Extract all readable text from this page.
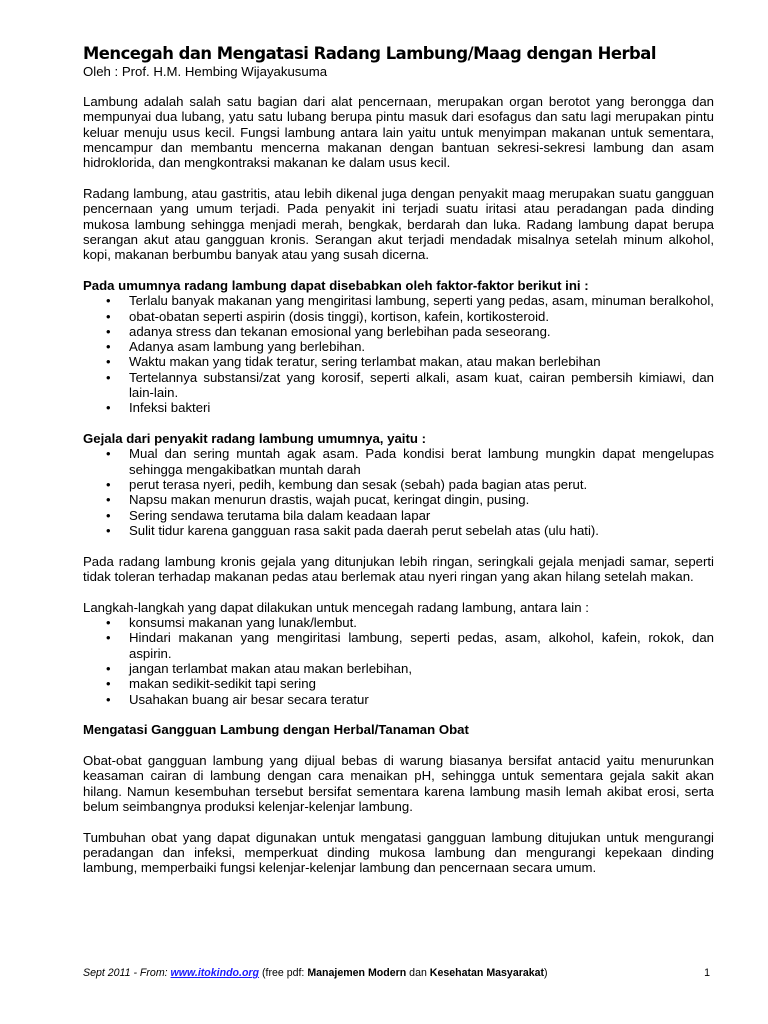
Mencegah dan Mengatasi Radang Lambung/Maag dengan Herbal
Oleh : Prof. H.M. Hembing Wijayakusuma

Lambung adalah salah satu bagian dari alat pencernaan, merupakan organ berotot yang berongga dan mempunyai dua lubang, yatu satu lubang berupa pintu masuk dari esofagus dan satu lagi merupakan pintu keluar menuju usus kecil. Fungsi lambung antara lain yaitu untuk menyimpan makanan untuk sementara, mencampur dan membantu mencerna makanan dengan bantuan sekresi-sekresi lambung dan asam hidroklorida, dan mengkontraksi makanan ke dalam usus kecil.

Radang lambung, atau gastritis, atau lebih dikenal juga dengan penyakit maag merupakan suatu gangguan pencernaan yang umum terjadi. Pada penyakit ini terjadi suatu iritasi atau peradangan pada dinding mukosa lambung sehingga menjadi merah, bengkak, berdarah dan luka. Radang lambung dapat berupa serangan akut atau gangguan kronis. Serangan akut terjadi mendadak misalnya setelah minum alkohol, kopi, makanan berbumbu banyak atau yang susah dicerna.

Pada umumnya radang lambung dapat disebabkan oleh faktor-faktor berikut ini :
• Terlalu banyak makanan yang mengiritasi lambung, seperti yang pedas, asam, minuman beralkohol,
• obat-obatan seperti aspirin (dosis tinggi), kortison, kafein, kortikosteroid.
• adanya stress dan tekanan emosional yang berlebihan pada seseorang.
• Adanya asam lambung yang berlebihan.
• Waktu makan yang tidak teratur, sering terlambat makan, atau makan berlebihan
• Tertelannya substansi/zat yang korosif, seperti alkali, asam kuat, cairan pembersih kimiawi, dan lain-lain.
• Infeksi bakteri
Gejala dari penyakit radang lambung umumnya, yaitu :
• Mual dan sering muntah agak asam. Pada kondisi berat lambung mungkin dapat mengelupas sehingga mengakibatkan muntah darah
• perut terasa nyeri, pedih, kembung dan sesak (sebah) pada bagian atas perut.
• Napsu makan menurun drastis, wajah pucat, keringat dingin, pusing.
• Sering sendawa terutama bila dalam keadaan lapar
• Sulit tidur karena gangguan rasa sakit pada daerah perut sebelah atas (ulu hati).

Pada radang lambung kronis gejala yang ditunjukan lebih ringan, seringkali gejala menjadi samar, seperti tidak toleran terhadap makanan pedas atau berlemak atau nyeri ringan yang akan hilang setelah makan.

Langkah-langkah yang dapat dilakukan untuk mencegah radang lambung, antara lain :

• konsumsi makanan yang lunak/lembut.
• Hindari makanan yang mengiritasi lambung, seperti pedas, asam, alkohol, kafein, rokok, dan aspirin.
• jangan terlambat makan atau makan berlebihan,
• makan sedikit-sedikit tapi sering
• Usahakan buang air besar secara teratur
Mengatasi Gangguan Lambung dengan Herbal/Tanaman Obat

Obat-obat gangguan lambung yang dijual bebas di warung biasanya bersifat antacid yaitu menurunkan keasaman cairan di lambung dengan cara menaikan pH, sehingga untuk sementara gejala sakit akan hilang. Namun kesembuhan tersebut bersifat sementara karena lambung masih lemah akibat erosi, serta belum seimbangnya produksi kelenjar-kelenjar lambung.

Tumbuhan obat yang dapat digunakan untuk mengatasi gangguan lambung ditujukan untuk mengurangi peradangan dan infeksi, memperkuat dinding mukosa lambung dan mengurangi kepekaan dinding lambung, memperbaiki fungsi kelenjar-kelenjar lambung dan pencernaan secara umum.

Sept 2011 - From: www.itokindo.org (free pdf: Manajemen Modern dan Kesehatan Masyarakat)	1
